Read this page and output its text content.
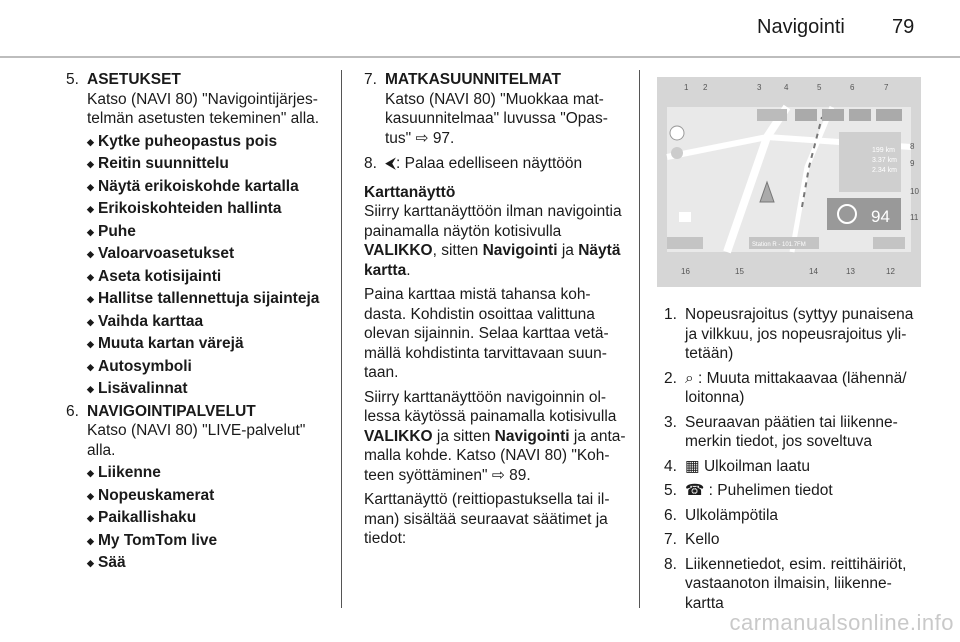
Navigointi 79
5. ASETUKSET

Katso (NAVI 80) "Navigointijärjes-telmän asetusten tekeminen" alla.

◆ Kytke puheopastus pois
◆ Reitin suunnittelu
◆ Näytä erikoiskohde kartalla
◆ Erikoiskohteiden hallinta
◆ Puhe
◆ Valoarvoasetukset
◆ Aseta kotisijainti
◆ Hallitse tallennettuja sijainteja
◆ Vaihda karttaa
◆ Muuta kartan värejä
◆ Autosymboli
◆ Lisävalinnat
6. NAVIGOINTIPALVELUT

Katso (NAVI 80) "LIVE-palvelut" alla.

◆ Liikenne
◆ Nopeuskamerat
◆ Paikallishaku
◆ My TomTom live
◆ Sää
7. MATKASUUNNITELMAT

Katso (NAVI 80) "Muokkaa mat-kasuunnitelmaa" luvussa "Opas-tus" ⇨ 97.

8. ⮜: Palaa edelliseen näyttöön

Karttanäyttö

Siirry karttanäyttöön ilman navigointia painamalla näytön kotisivulla VALIKKO, sitten Navigointi ja Näytä kartta.

Paina karttaa mistä tahansa koh-dasta. Kohdistin osoittaa valittuna olevan sijainnin. Selaa karttaa vetä-mällä kohdistinta tarvittavaan suun-taan.

Siirry karttanäyttöön navigoinnin ol-lessa käytössä painamalla kotisivulla VALIKKO ja sitten Navigointi ja anta-malla kohde. Katso (NAVI 80) "Koh-teen syöttäminen" ⇨ 89.

Karttanäyttö (reittiopastuksella tai il-man) sisältää seuraavat säätimet ja tiedot:

199 km
3.37 km
2.34 km
94
Station R - 101.7FM
1 2	3	4	5	6	7
8
9
10
11
16	15	14	13	12

1. Nopeusrajoitus (syttyy punaisena ja vilkkuu, jos nopeusrajoitus yli-tetään)

2. ⌕ : Muuta mittakaavaa (lähennä/ loitonna)

3. Seuraavan päätien tai liikenne-merkin tiedot, jos soveltuva

4. ▦ Ulkoilman laatu

5. ☎ : Puhelimen tiedot

6. Ulkolämpötila

7. Kello

8. Liikennetiedot, esim. reittihäiriöt, vastaanoton ilmaisin, liikenne-kartta

carmanualsonline.info
